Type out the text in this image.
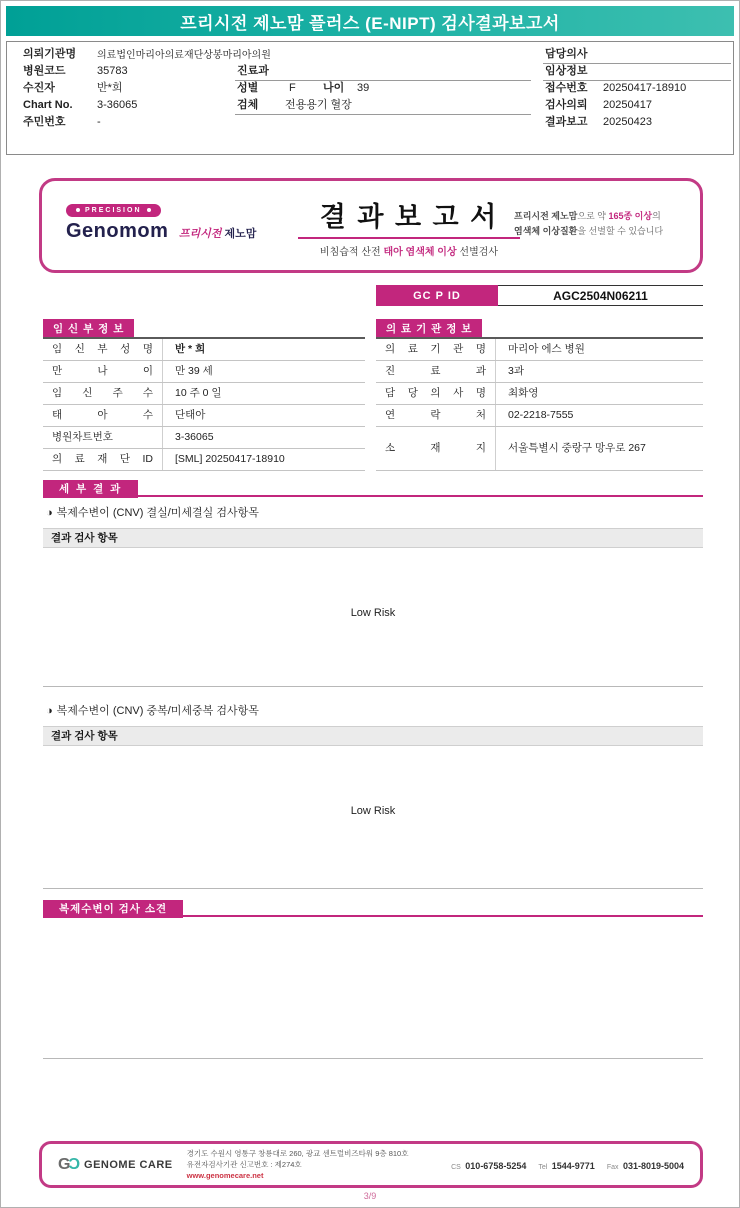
프리시전 제노맘 플러스 (E-NIPT) 검사결과보고서
의뢰기관명 의료법인마리아의료재단상봉마리아의원
병원코드	35783
수진자	반*희
Chart No. 3-36065
주민번호	-
진료과
성별	F 나이 39
검체 전용용기 혈장
담당의사
임상정보
접수번호 20250417-18910
검사의뢰 20250417
결과보고 20250423
PRECISION
Genomom 프리시전 제노맘
결 과 보 고 서
비침습적 산전 태아 염색체 이상 선별검사
프리시전 제노맘으로 약 165종 이상의
염색체 이상질환을 선별할 수 있습니다
GC P ID	AGC2504N06211
임 신 부 정 보
임 신 부 성 명	반 * 희
만 나 이	만 39 세
임 신 주 수	10 주 0 일
태 아 수	단태아
병원차트번호	3-36065
의 료 재 단 ID	[SML] 20250417-18910
의 료 기 관 정 보
의 료 기 관 명	마리아 에스 병원
진 료 과	3과
담 당 의 사 명	최화영
연 락 처	02-2218-7555
소 재 지	서울특별시 중랑구 망우로 267
세 부 결 과
◑ 복제수변이 (CNV) 결실/미세결실 검사항목
결과 검사 항목
Low Risk
◑ 복제수변이 (CNV) 중복/미세중복 검사항목
결과 검사 항목
Low Risk
복제수변이 검사 소견
GƆ GENOME CARE
경기도 수원시 영통구 창룡대로 260, 광교 센트럴비즈타워 9층 810호
유전자검사기관 신고번호 : 제274호
www.genomecare.net
CS 010-6758-5254 Tel 1544-9771 Fax 031-8019-5004
3/9
